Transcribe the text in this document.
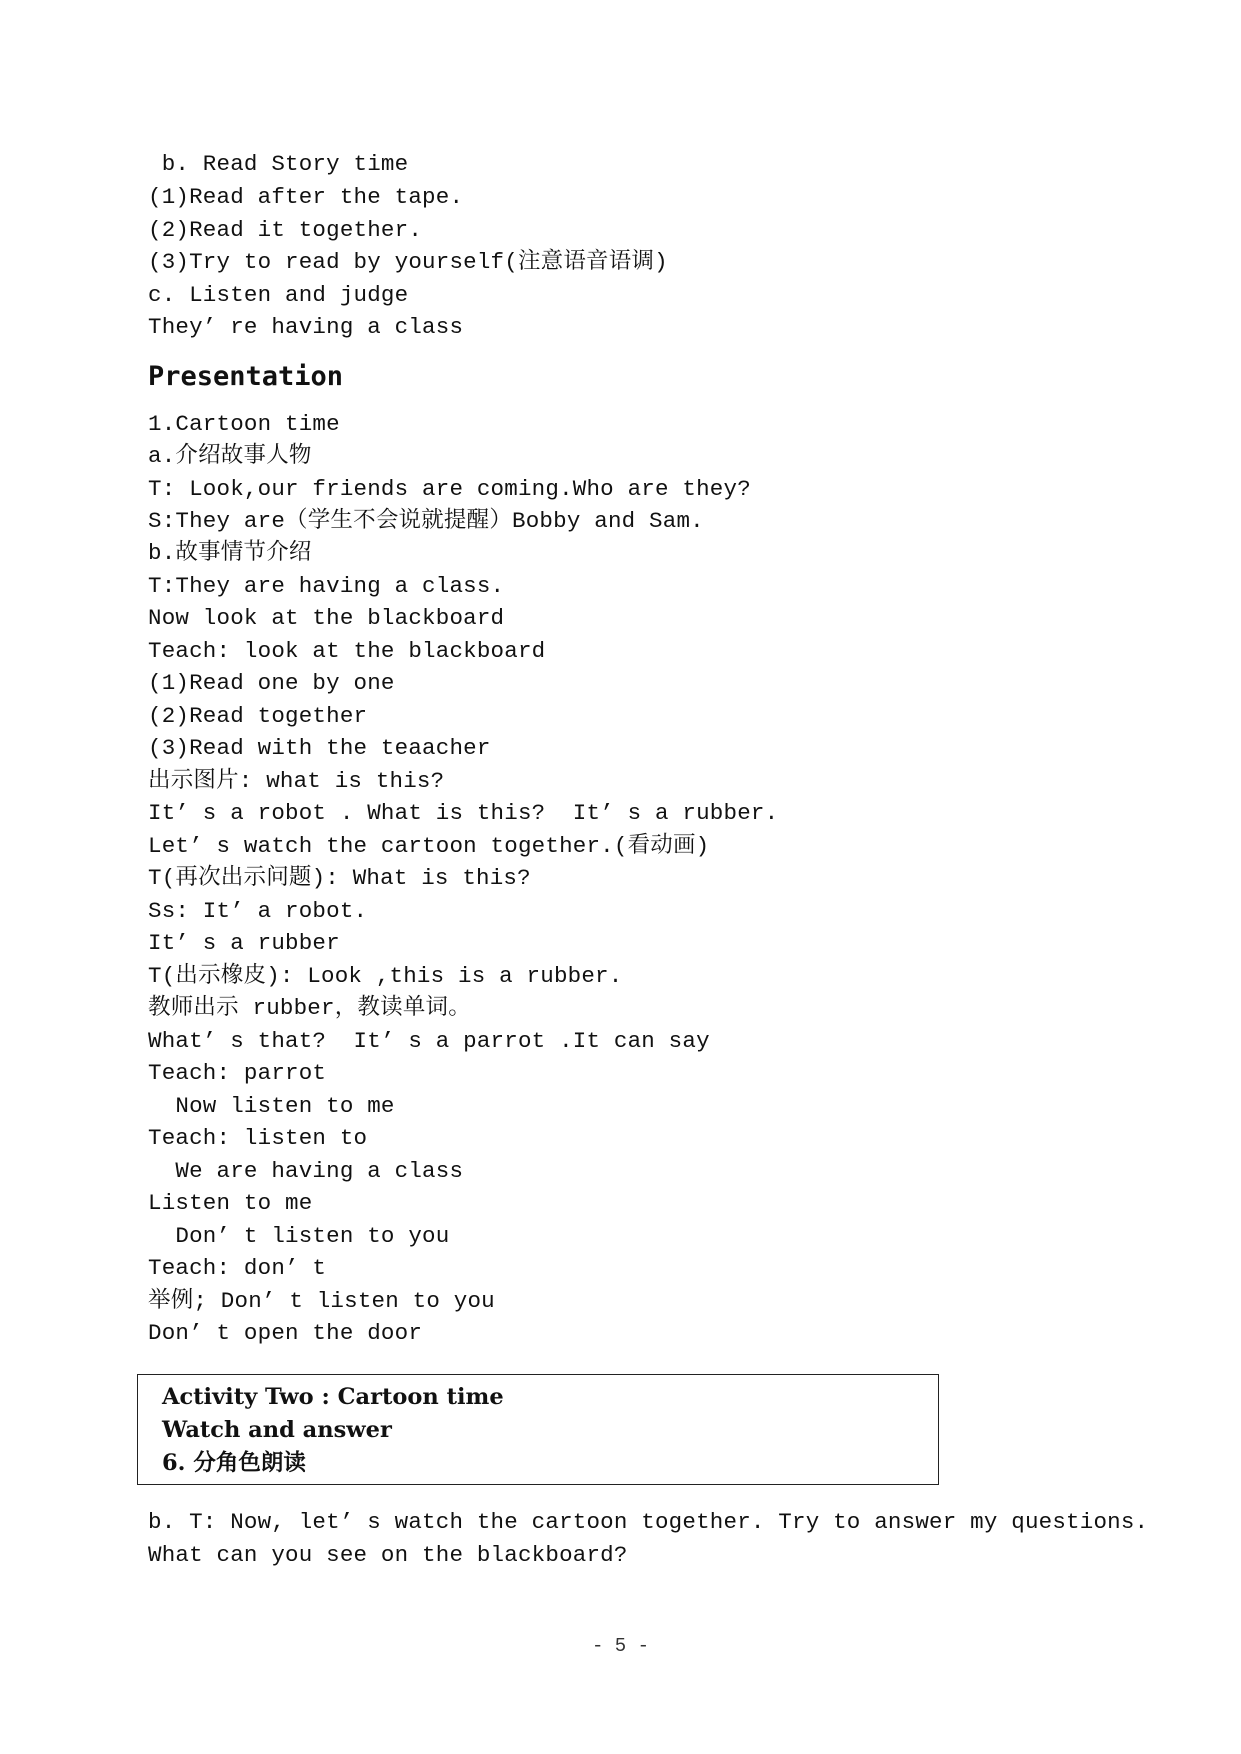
b. Read Story time
(1)Read after the tape.
(2)Read it together.
(3)Try to read by yourself(注意语音语调)
c. Listen and judge
They’ re having a class
Presentation
1.Cartoon time
a.介绍故事人物
T: Look,our friends are coming.Who are they?
S:They are（学生不会说就提醒）Bobby and Sam.
b.故事情节介绍
T:They are having a class.
Now look at the blackboard
Teach: look at the blackboard
(1)Read one by one
(2)Read together
(3)Read with the teaacher
出示图片: what is this?
It’ s a robot . What is this?  It’ s a rubber.
Let’ s watch the cartoon together.(看动画)
T(再次出示问题): What is this?
Ss: It’ a robot.
It’ s a rubber
T(出示橡皮): Look ,this is a rubber.
教师出示 rubber，教读单词。
What’ s that?  It’ s a parrot .It can say
Teach: parrot
Now listen to me
Teach: listen to
We are having a class
Listen to me
Don’ t listen to you
Teach: don’ t
举例; Don’ t listen to you
Don’ t open the door
Activity Two : Cartoon time
Watch and answer
6. 分角色朗读
b. T: Now, let’ s watch the cartoon together. Try to answer my questions.
What can you see on the blackboard?
- 5 -
